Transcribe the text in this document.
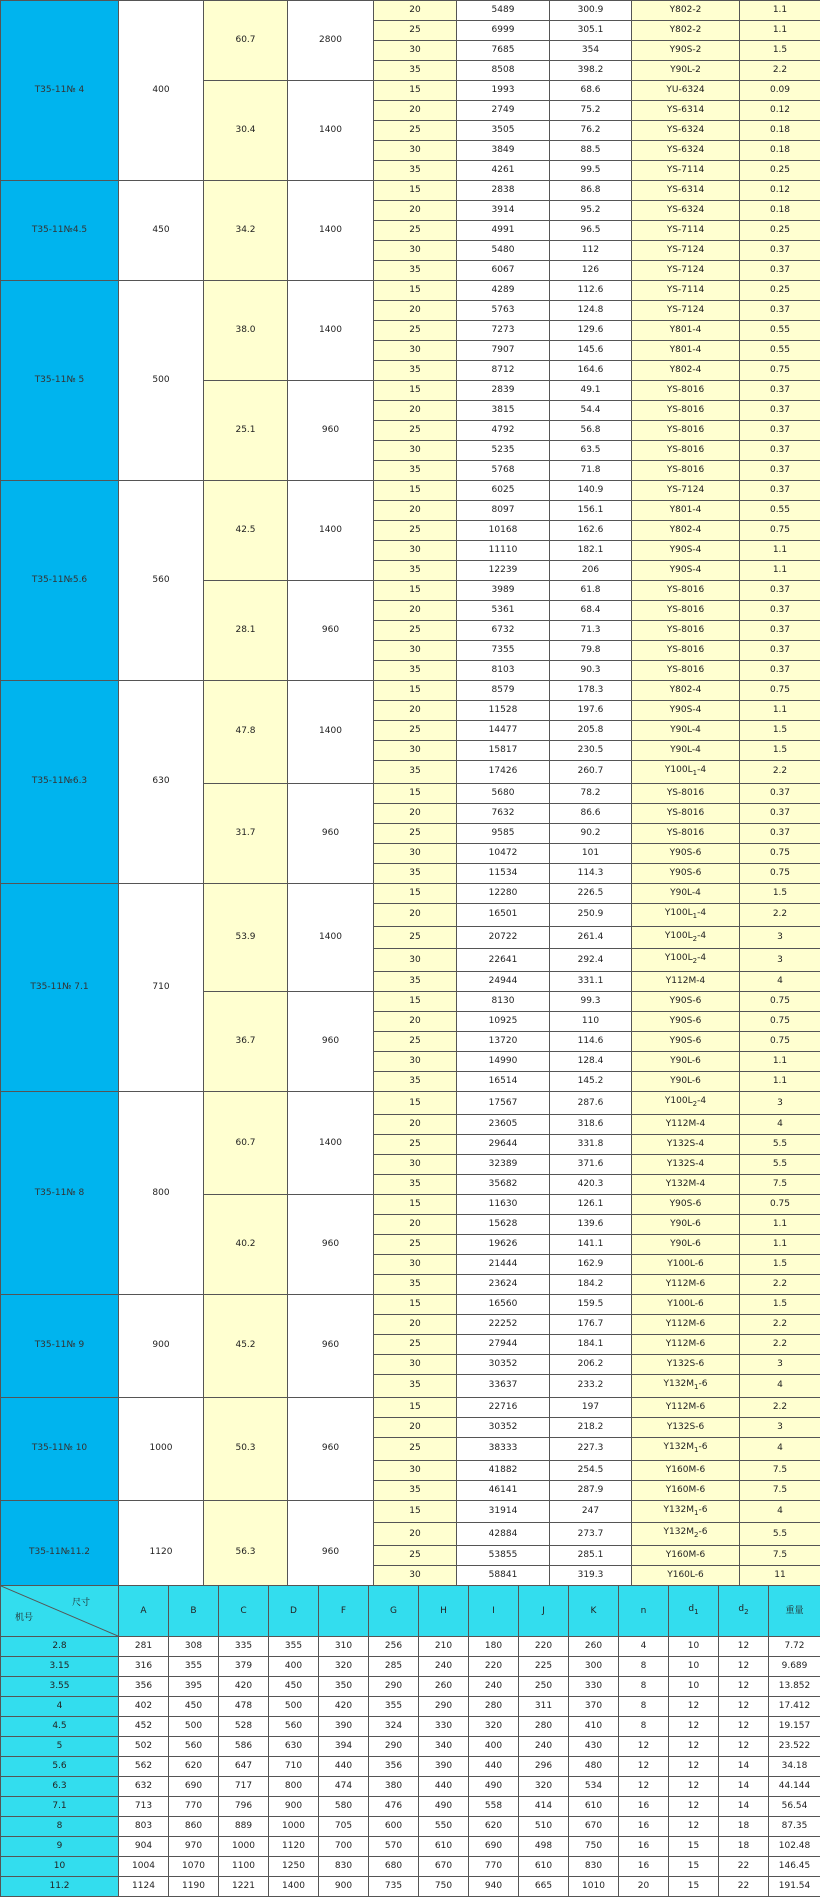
T35-11№ 4	400	60.7	2800	20	5489	300.9	Y802-2	1.1
				25	6999	305.1	Y802-2	1.1
				30	7685	354	Y90S-2	1.5
				35	8508	398.2	Y90L-2	2.2
		30.4	1400	15	1993	68.6	YU-6324	0.09
				20	2749	75.2	YS-6314	0.12
				25	3505	76.2	YS-6324	0.18
				30	3849	88.5	YS-6324	0.18
				35	4261	99.5	YS-7114	0.25
T35-11№4.5	450	34.2	1400	15	2838	86.8	YS-6314	0.12
				20	3914	95.2	YS-6324	0.18
				25	4991	96.5	YS-7114	0.25
				30	5480	112	YS-7124	0.37
				35	6067	126	YS-7124	0.37
T35-11№ 5	500	38.0	1400	15	4289	112.6	YS-7114	0.25
				20	5763	124.8	YS-7124	0.37
				25	7273	129.6	Y801-4	0.55
				30	7907	145.6	Y801-4	0.55
				35	8712	164.6	Y802-4	0.75
		25.1	960	15	2839	49.1	YS-8016	0.37
				20	3815	54.4	YS-8016	0.37
				25	4792	56.8	YS-8016	0.37
				30	5235	63.5	YS-8016	0.37
				35	5768	71.8	YS-8016	0.37
T35-11№5.6	560	42.5	1400	15	6025	140.9	YS-7124	0.37
				20	8097	156.1	Y801-4	0.55
				25	10168	162.6	Y802-4	0.75
				30	11110	182.1	Y90S-4	1.1
				35	12239	206	Y90S-4	1.1
		28.1	960	15	3989	61.8	YS-8016	0.37
				20	5361	68.4	YS-8016	0.37
				25	6732	71.3	YS-8016	0.37
				30	7355	79.8	YS-8016	0.37
				35	8103	90.3	YS-8016	0.37
T35-11№6.3	630	47.8	1400	15	8579	178.3	Y802-4	0.75
				20	11528	197.6	Y90S-4	1.1
				25	14477	205.8	Y90L-4	1.5
				30	15817	230.5	Y90L-4	1.5
				35	17426	260.7	$Y100L_1-4$	2.2
		31.7	960	15	5680	78.2	YS-8016	0.37
				20	7632	86.6	YS-8016	0.37
				25	9585	90.2	YS-8016	0.37
				30	10472	101	Y90S-6	0.75
				35	11534	114.3	Y90S-6	0.75
T35-11№ 7.1	710	53.9	1400	15	12280	226.5	Y90L-4	1.5
				20	16501	250.9	$Y100L_1-4$	2.2
				25	20722	261.4	$Y100L_2-4$	3
				30	22641	292.4	$Y100L_2-4$	3
				35	24944	331.1	Y112M-4	4
		36.7	960	15	8130	99.3	Y90S-6	0.75
				20	10925	110	Y90S-6	0.75
				25	13720	114.6	Y90S-6	0.75
				30	14990	128.4	Y90L-6	1.1
				35	16514	145.2	Y90L-6	1.1
T35-11№ 8	800	60.7	1400	15	17567	287.6	$Y100L_2-4$	3
				20	23605	318.6	Y112M-4	4
				25	29644	331.8	Y132S-4	5.5
				30	32389	371.6	Y132S-4	5.5
				35	35682	420.3	Y132M-4	7.5
		40.2	960	15	11630	126.1	Y90S-6	0.75
				20	15628	139.6	Y90L-6	1.1
				25	19626	141.1	Y90L-6	1.1
				30	21444	162.9	Y100L-6	1.5
				35	23624	184.2	Y112M-6	2.2
T35-11№ 9	900	45.2	960	15	16560	159.5	Y100L-6	1.5
				20	22252	176.7	Y112M-6	2.2
				25	27944	184.1	Y112M-6	2.2
				30	30352	206.2	Y132S-6	3
				35	33637	233.2	$Y132M_1-6$	4
T35-11№ 10	1000	50.3	960	15	22716	197	Y112M-6	2.2
				20	30352	218.2	Y132S-6	3
				25	38333	227.3	$Y132M_1-6$	4
				30	41882	254.5	Y160M-6	7.5
				35	46141	287.9	Y160M-6	7.5
T35-11№11.2	1120	56.3	960	15	31914	247	$Y132M_1-6$	4
				20	42884	273.7	$Y132M_2-6$	5.5
				25	53855	285.1	Y160M-6	7.5
				30	58841	319.3	Y160L-6	11

尺寸
机号	A	B	C	D	F	G	H	I	J	K	n	$d_1$	$d_2$	重量
2.8	281	308	335	355	310	256	210	180	220	260	4	10	12	7.72
3.15	316	355	379	400	320	285	240	220	225	300	8	10	12	9.689
3.55	356	395	420	450	350	290	260	240	250	330	8	10	12	13.852
4	402	450	478	500	420	355	290	280	311	370	8	12	12	17.412
4.5	452	500	528	560	390	324	330	320	280	410	8	12	12	19.157
5	502	560	586	630	394	290	340	400	240	430	12	12	12	23.522
5.6	562	620	647	710	440	356	390	440	296	480	12	12	14	34.18
6.3	632	690	717	800	474	380	440	490	320	534	12	12	14	44.144
7.1	713	770	796	900	580	476	490	558	414	610	16	12	14	56.54
8	803	860	889	1000	705	600	550	620	510	670	16	12	18	87.35
9	904	970	1000	1120	700	570	610	690	498	750	16	15	18	102.48
10	1004	1070	1100	1250	830	680	670	770	610	830	16	15	22	146.45
11.2	1124	1190	1221	1400	900	735	750	940	665	1010	20	15	22	191.54
